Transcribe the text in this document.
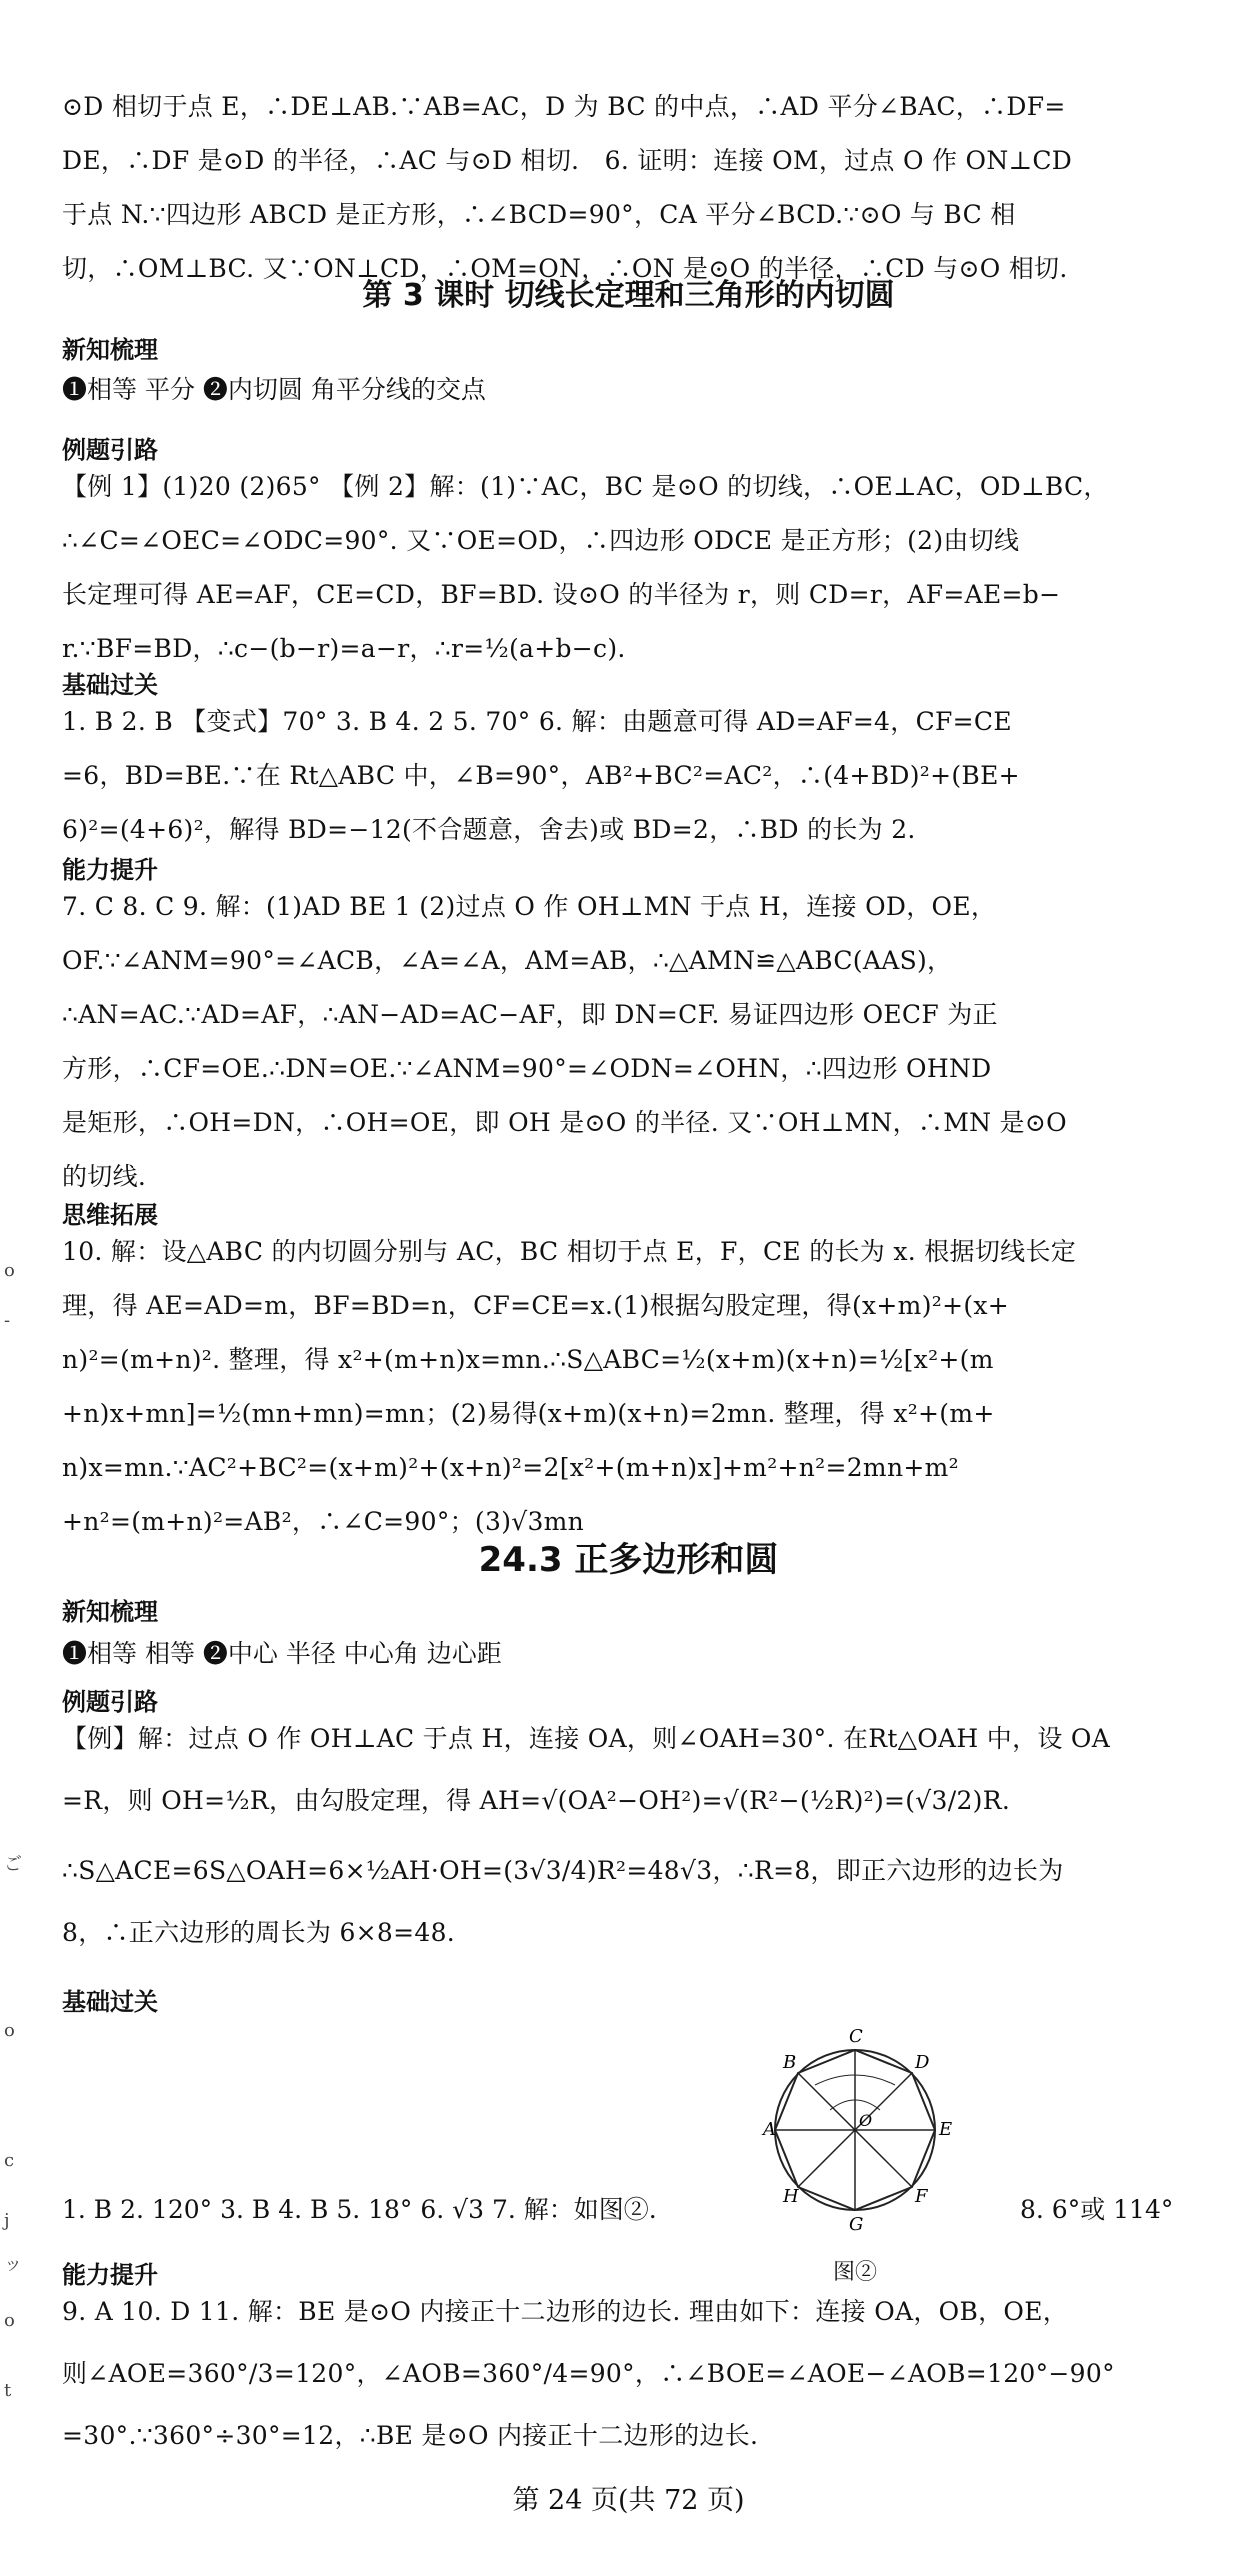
⊙D 相切于点 E，∴DE⊥AB.∵AB=AC，D 为 BC 的中点，∴AD 平分∠BAC，∴DF=
DE，∴DF 是⊙D 的半径，∴AC 与⊙D 相切． 6. 证明：连接 OM，过点 O 作 ON⊥CD
于点 N.∵四边形 ABCD 是正方形，∴∠BCD=90°，CA 平分∠BCD.∵⊙O 与 BC 相
切，∴OM⊥BC. 又∵ON⊥CD，∴OM=ON，∴ON 是⊙O 的半径，∴CD 与⊙O 相切.
第 3 课时 切线长定理和三角形的内切圆
新知梳理
❶相等 平分 ❷内切圆 角平分线的交点
例题引路
【例 1】(1)20 (2)65° 【例 2】解：(1)∵AC，BC 是⊙O 的切线，∴OE⊥AC，OD⊥BC，
∴∠C=∠OEC=∠ODC=90°. 又∵OE=OD，∴四边形 ODCE 是正方形；(2)由切线
长定理可得 AE=AF，CE=CD，BF=BD. 设⊙O 的半径为 r，则 CD=r，AF=AE=b−
r.∵BF=BD，∴c−(b−r)=a−r，∴r=½(a+b−c).
基础过关
1. B 2. B 【变式】70° 3. B 4. 2 5. 70° 6. 解：由题意可得 AD=AF=4，CF=CE
=6，BD=BE.∵在 Rt△ABC 中，∠B=90°，AB²+BC²=AC²，∴(4+BD)²+(BE+
6)²=(4+6)²，解得 BD=−12(不合题意，舍去)或 BD=2，∴BD 的长为 2.
能力提升
7. C 8. C 9. 解：(1)AD BE 1 (2)过点 O 作 OH⊥MN 于点 H，连接 OD，OE，
OF.∵∠ANM=90°=∠ACB，∠A=∠A，AM=AB，∴△AMN≌△ABC(AAS)，
∴AN=AC.∵AD=AF，∴AN−AD=AC−AF，即 DN=CF. 易证四边形 OECF 为正
方形，∴CF=OE.∴DN=OE.∵∠ANM=90°=∠ODN=∠OHN，∴四边形 OHND
是矩形，∴OH=DN，∴OH=OE，即 OH 是⊙O 的半径. 又∵OH⊥MN，∴MN 是⊙O
的切线.
思维拓展
10. 解：设△ABC 的内切圆分别与 AC，BC 相切于点 E，F，CE 的长为 x. 根据切线长定
理，得 AE=AD=m，BF=BD=n，CF=CE=x.(1)根据勾股定理，得(x+m)²+(x+
n)²=(m+n)². 整理，得 x²+(m+n)x=mn.∴S△ABC=½(x+m)(x+n)=½[x²+(m
+n)x+mn]=½(mn+mn)=mn；(2)易得(x+m)(x+n)=2mn. 整理，得 x²+(m+
n)x=mn.∵AC²+BC²=(x+m)²+(x+n)²=2[x²+(m+n)x]+m²+n²=2mn+m²
+n²=(m+n)²=AB²，∴∠C=90°；(3)√3mn
24.3 正多边形和圆
新知梳理
❶相等 相等 ❷中心 半径 中心角 边心距
例题引路
【例】解：过点 O 作 OH⊥AC 于点 H，连接 OA，则∠OAH=30°. 在Rt△OAH 中，设 OA
=R，则 OH=½R，由勾股定理，得 AH=√(OA²−OH²)=√(R²−(½R)²)=(√3/2)R.
∴S△ACE=6S△OAH=6×½AH·OH=(3√3/4)R²=48√3，∴R=8，即正六边形的边长为
8，∴正六边形的周长为 6×8=48.
基础过关
A
B
C
D
E
F
G
H
O
图②
1. B 2. 120° 3. B 4. B 5. 18° 6. √3 7. 解：如图②.	8. 6°或 114°
能力提升
9. A 10. D 11. 解：BE 是⊙O 内接正十二边形的边长. 理由如下：连接 OA，OB，OE，
则∠AOE=360°/3=120°，∠AOB=360°/4=90°，∴∠BOE=∠AOE−∠AOB=120°−90°
=30°.∵360°÷30°=12，∴BE 是⊙O 内接正十二边形的边长.
第 24 页(共 72 页)
o
-
ご
o
c
j
ッ
o
t
